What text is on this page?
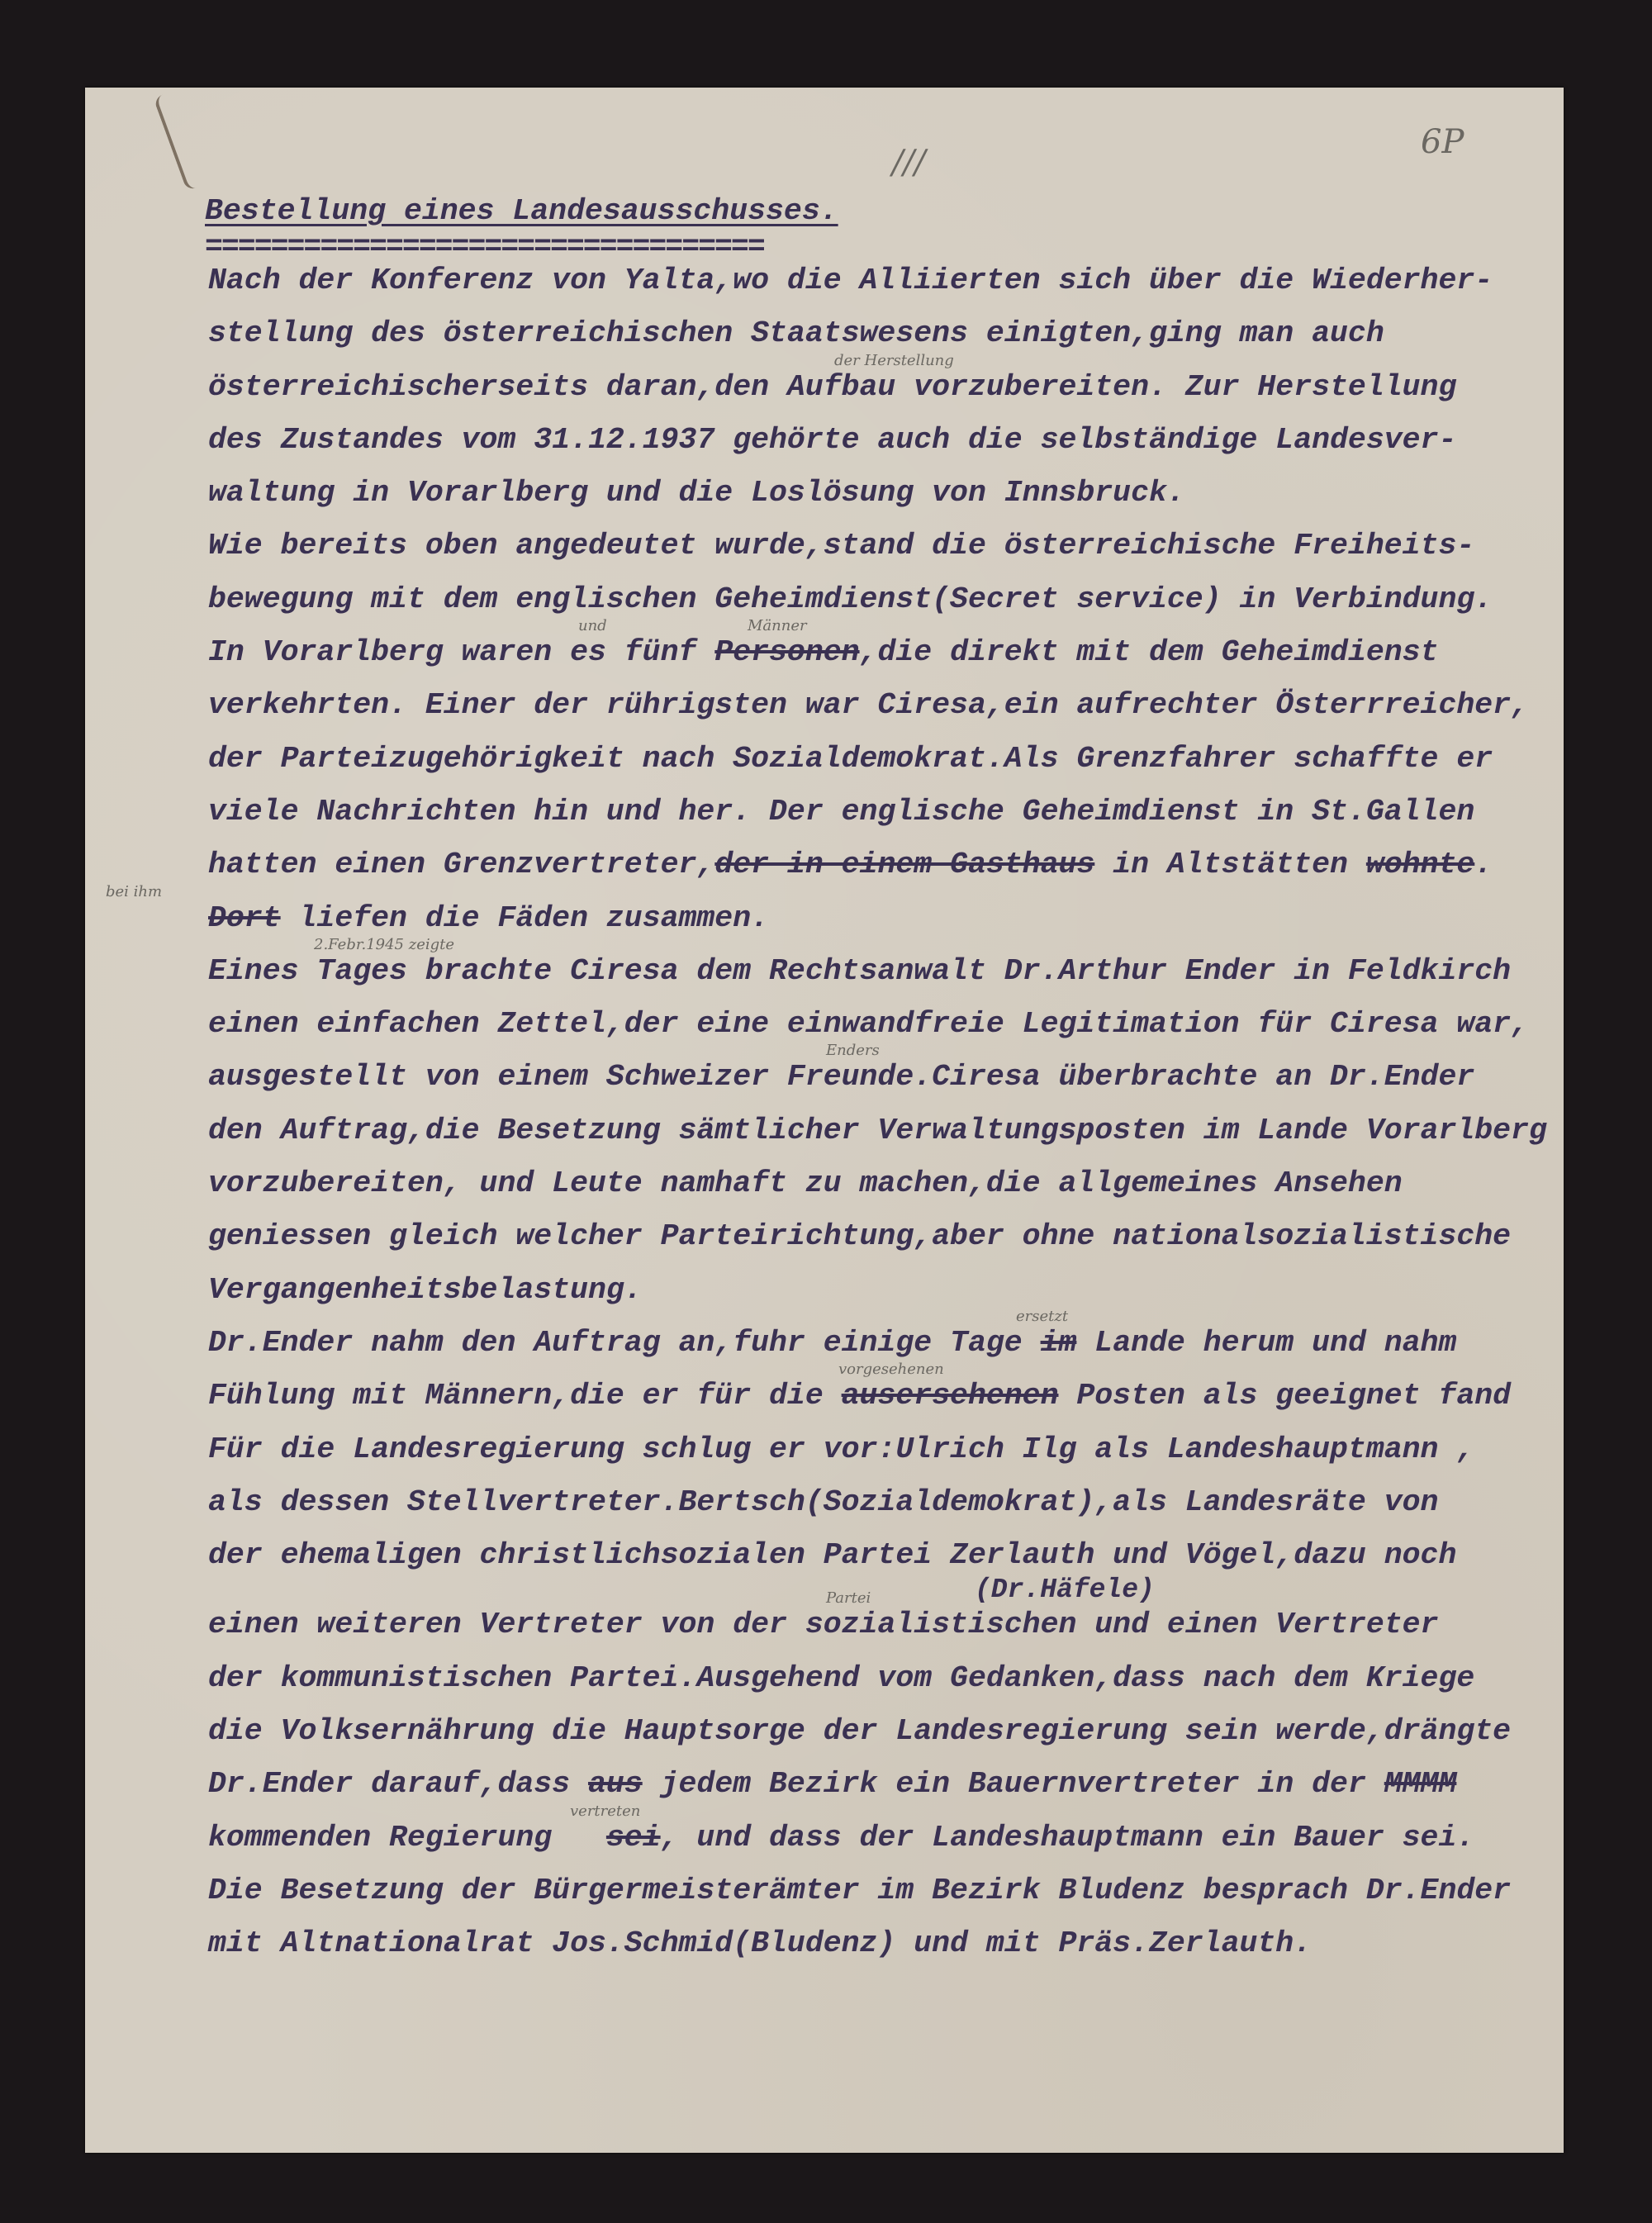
Bestellung eines Landesausschusses.
==================================
Nach der Konferenz von Yalta,wo die Alliierten sich über die Wiederher-
stellung des österreichischen Staatswesens einigten,ging man auch
österreichischerseits daran,den Aufbau vorzubereiten. Zur Herstellung
des Zustandes vom 31.12.1937 gehörte auch die selbständige Landesver-
waltung in Vorarlberg und die Loslösung von Innsbruck.
Wie bereits oben angedeutet wurde,stand die österreichische Freiheits-
bewegung mit dem englischen Geheimdienst(Secret service) in Verbindung.
In Vorarlberg waren es fünf Personen,die direkt mit dem Geheimdienst
verkehrten. Einer der rührigsten war Ciresa,ein aufrechter Österrreicher,
der Parteizugehörigkeit nach Sozialdemokrat.Als Grenzfahrer schaffte er
viele Nachrichten hin und her. Der englische Geheimdienst in St.Gallen
hatten einen Grenzvertreter,der in einem Gasthaus in Altstätten wohnte.
Dort liefen die Fäden zusammen.
Eines Tages brachte Ciresa dem Rechtsanwalt Dr.Arthur Ender in Feldkirch
einen einfachen Zettel,der eine einwandfreie Legitimation für Ciresa war,
ausgestellt von einem Schweizer Freunde.Ciresa überbrachte an Dr.Ender
den Auftrag,die Besetzung sämtlicher Verwaltungsposten im Lande Vorarlberg
vorzubereiten, und Leute namhaft zu machen,die allgemeines Ansehen
geniessen gleich welcher Parteirichtung,aber ohne nationalsozialistische
Vergangenheitsbelastung.
Dr.Ender nahm den Auftrag an,fuhr einige Tage im Lande herum und nahm
Fühlung mit Männern,die er für die ausersehenen Posten als geeignet fand
Für die Landesregierung schlug er vor:Ulrich Ilg als Landeshauptmann ,
als dessen Stellvertreter.Bertsch(Sozialdemokrat),als Landesräte von
der ehemaligen christlichsozialen Partei Zerlauth und Vögel,dazu noch
einen weiteren Vertreter von der sozialistischen und einen Vertreter
der kommunistischen Partei.Ausgehend vom Gedanken,dass nach dem Kriege
die Volksernährung die Hauptsorge der Landesregierung sein werde,drängte
Dr.Ender darauf,dass aus jedem Bezirk ein Bauernvertreter in der MMMM
kommenden Regierung   sei, und dass der Landeshauptmann ein Bauer sei.
Die Besetzung der Bürgermeisterämter im Bezirk Bludenz besprach Dr.Ender
mit Altnationalrat Jos.Schmid(Bludenz) und mit Präs.Zerlauth.
(Dr.Häfele)
6P
///
der Herstellung
und	Männer
bei ihm
2.Febr.1945 zeigte
Enders
ersetzt
vorgesehenen
Partei
vertreten
